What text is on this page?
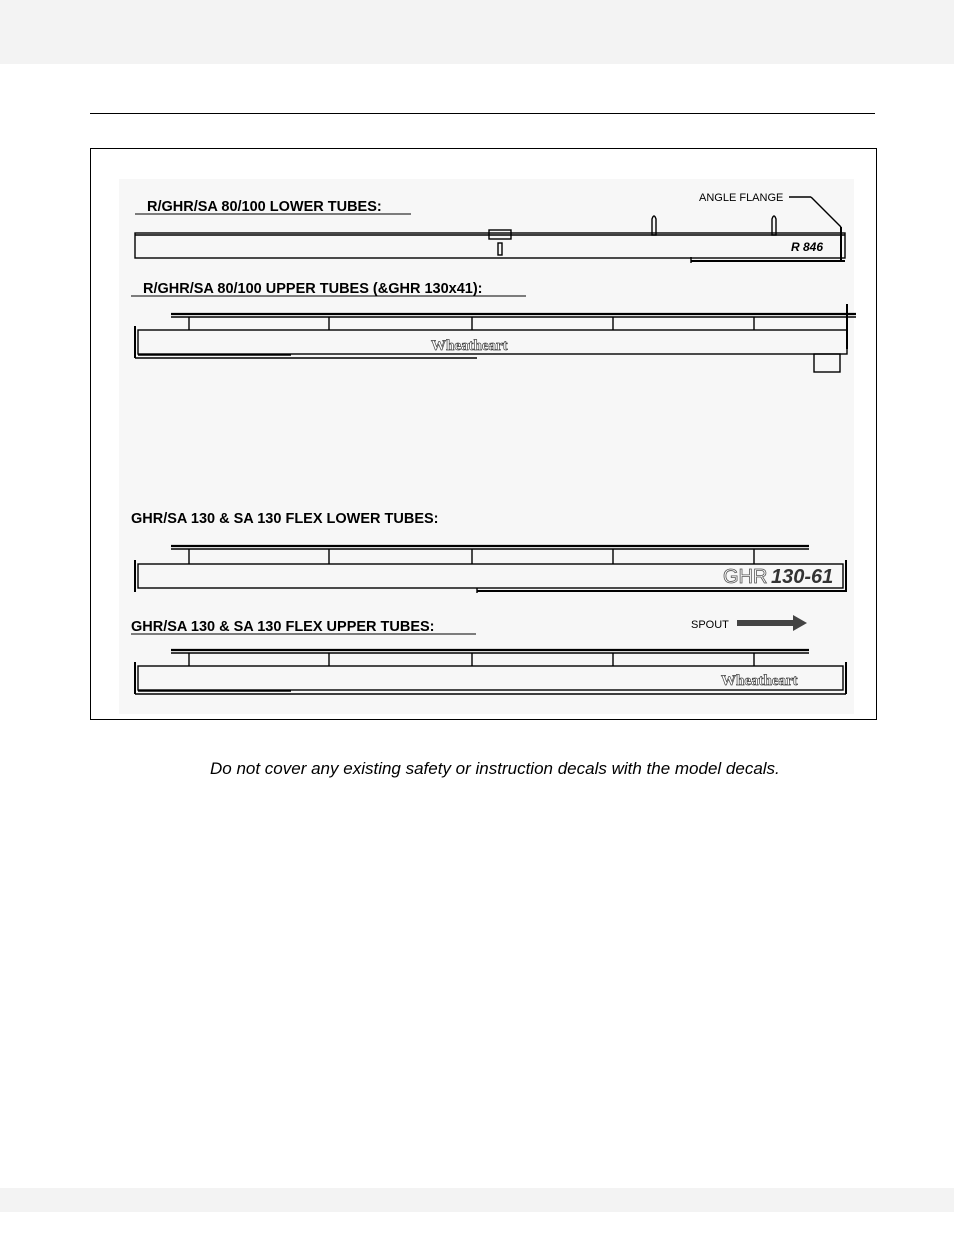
R/GHR/SA 80/100 LOWER TUBES:
R/GHR/SA 80/100 UPPER TUBES (&GHR 130x41):
GHR/SA 130 & SA 130 FLEX LOWER TUBES:
GHR/SA 130 & SA 130 FLEX UPPER TUBES:
ANGLE FLANGE
SPOUT
R 846
Wheatheart
GHR 130-61
Wheatheart
Do not cover any existing safety or instruction decals with the model decals.
